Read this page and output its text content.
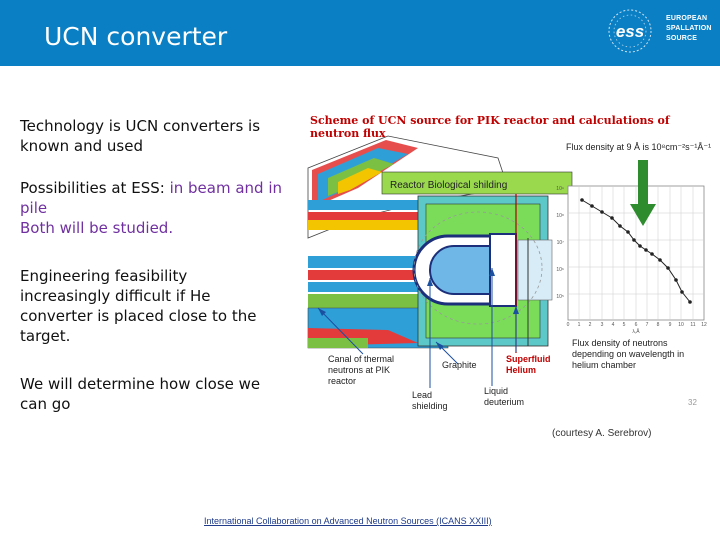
UCN converter	ess
EUROPEAN
SPALLATION
SOURCE
Technology is UCN converters is known and used
Possibilities at ESS: in beam and in pile
Both will be studied.
Engineering feasibility increasingly difficult if He converter is placed close to the target.
We will determine how close we can go
10⁹
10⁸
10⁷
10⁶
10⁵
0 1 2 3 4 5 6 7 8 9 10 11 12
λ,Å
32
Scheme of UCN source for PIK reactor and calculations of neutron flux
Flux density at 9 Å is 10⁸cm⁻²s⁻¹Å⁻¹
Reactor Biological shilding
Canal of thermal neutrons at PIK reactor
Graphite
Superfluid Helium
Lead shielding
Liquid deuterium
Flux density of neutrons depending on wavelength in helium chamber
(courtesy A. Serebrov)
International Collaboration on Advanced Neutron Sources (ICANS XXIII)
